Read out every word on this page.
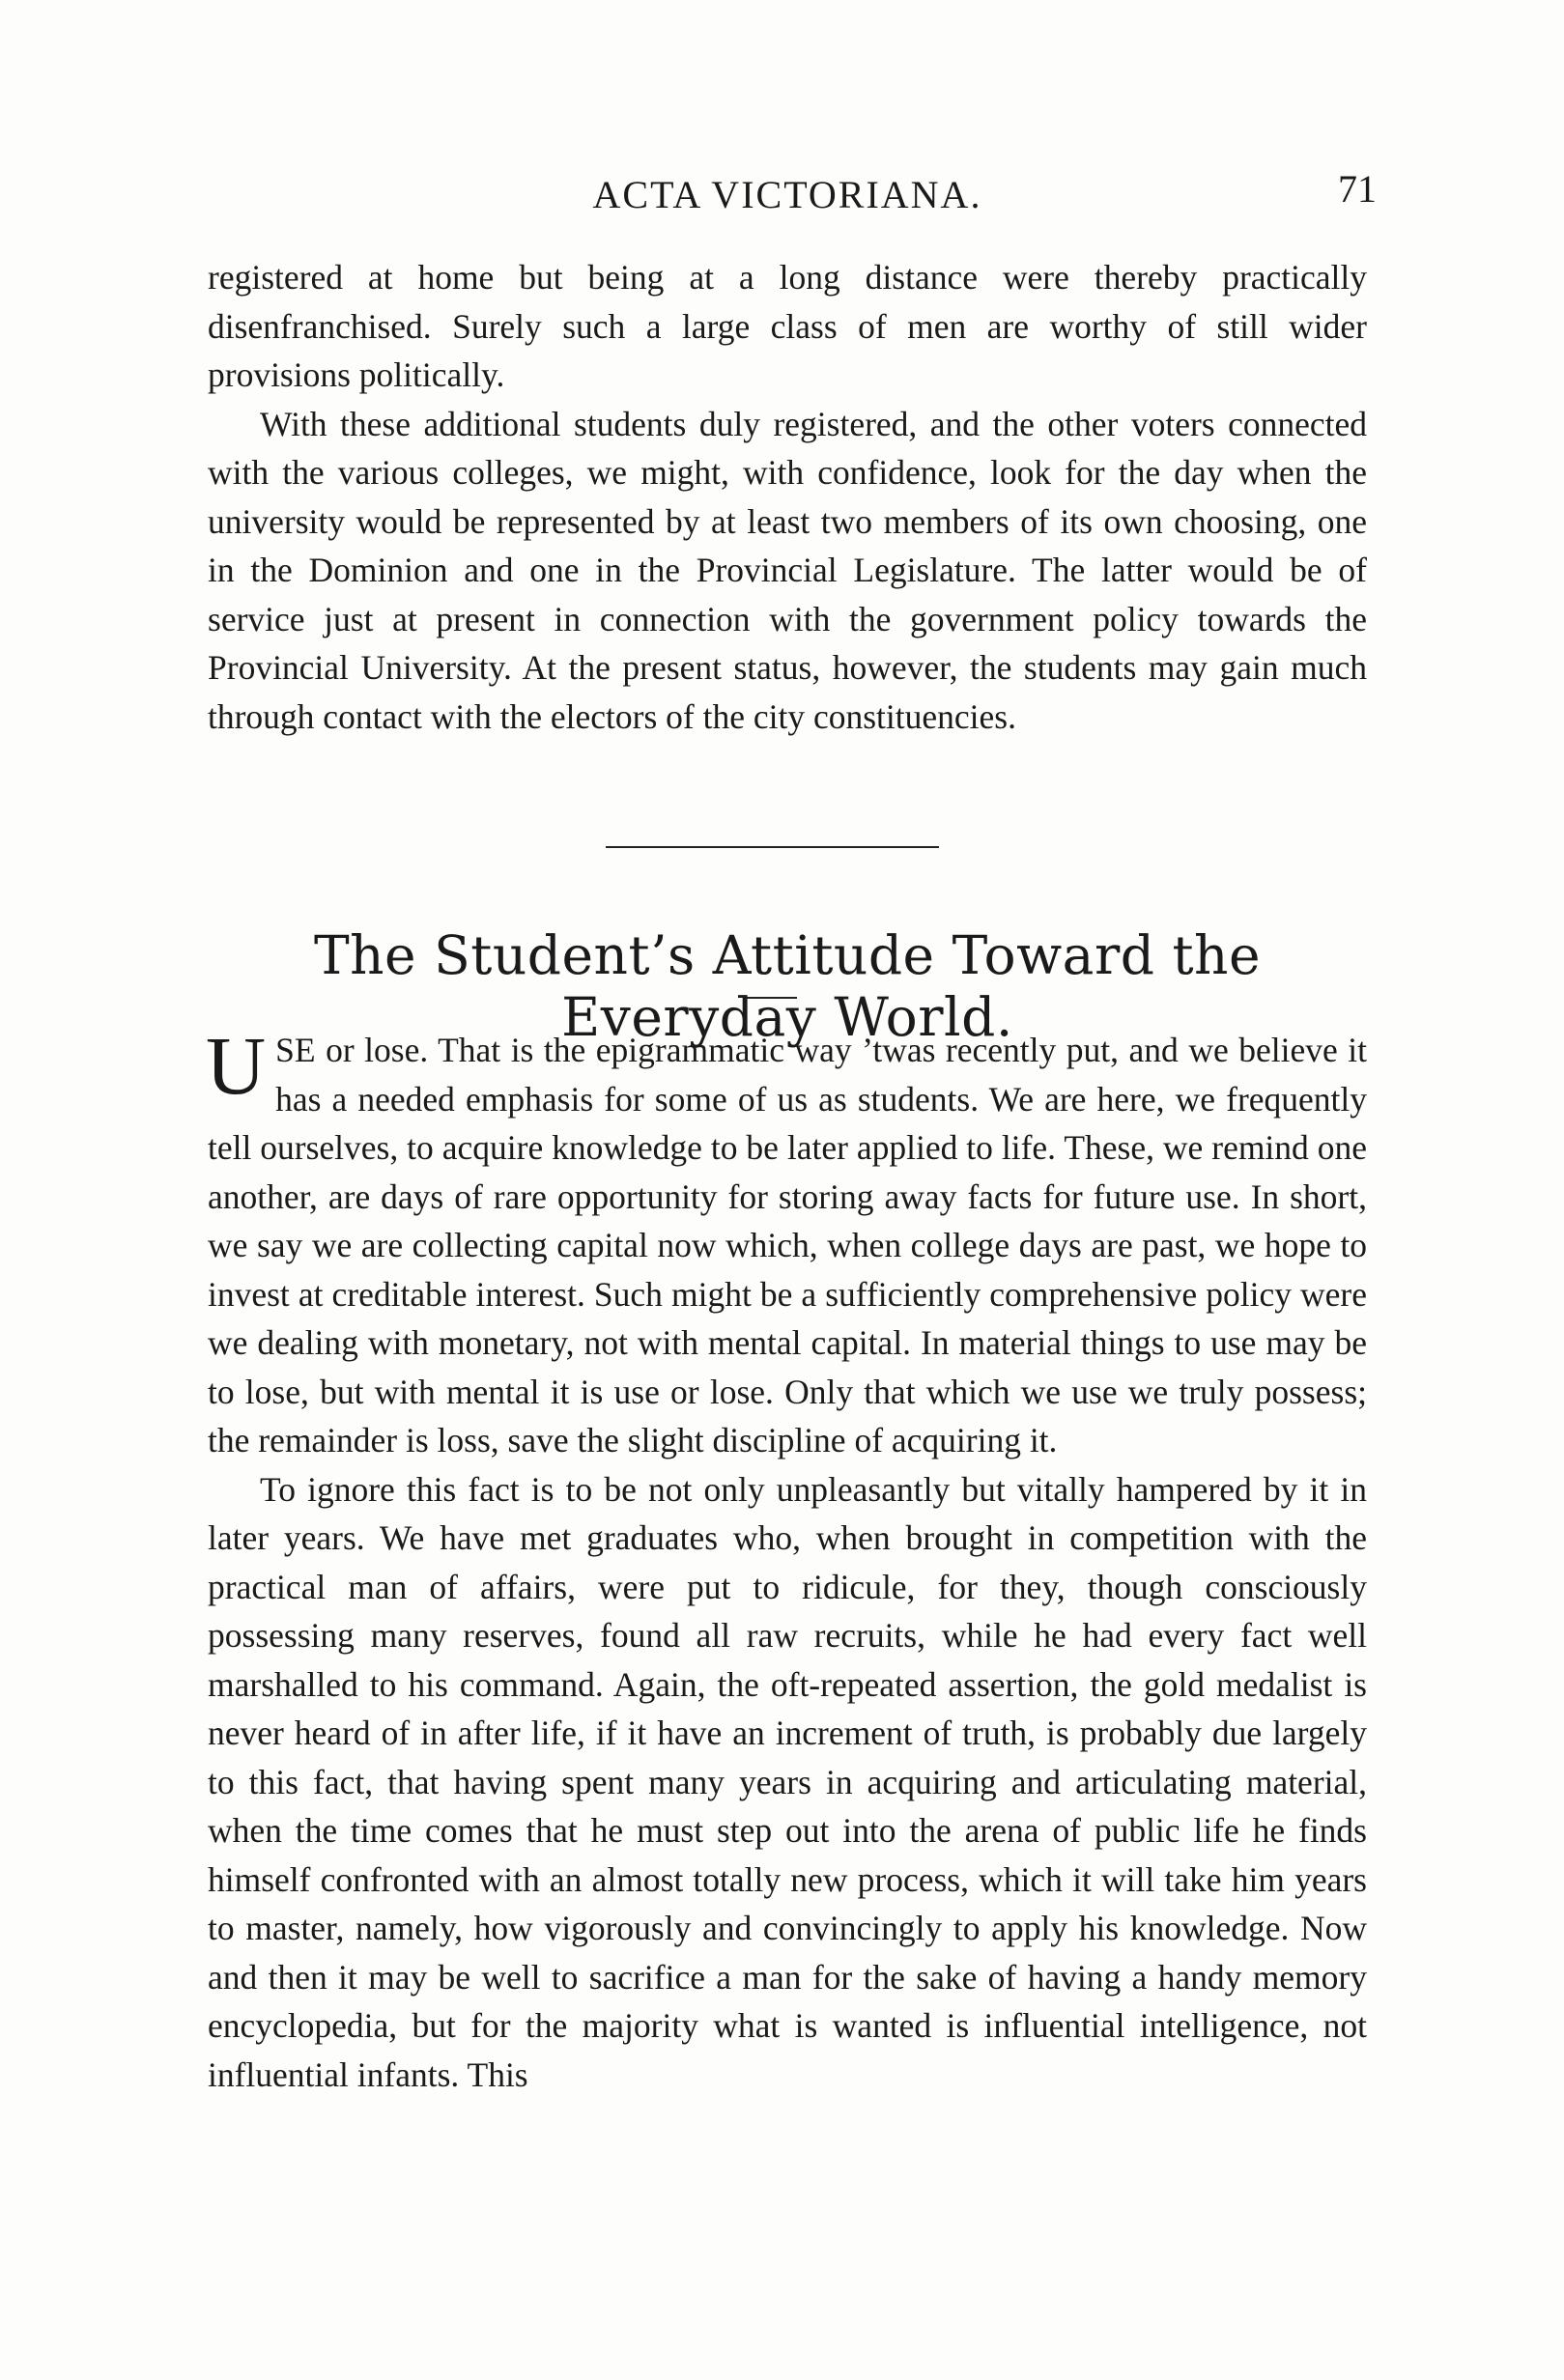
ACTA VICTORIANA.	71

registered at home but being at a long distance were thereby practically disenfranchised. Surely such a large class of men are worthy of still wider provisions politically.

With these additional students duly registered, and the other voters connected with the various colleges, we might, with confidence, look for the day when the university would be represented by at least two members of its own choosing, one in the Dominion and one in the Provincial Legislature. The latter would be of service just at present in connection with the government policy towards the Provincial University. At the present status, however, the students may gain much through contact with the electors of the city constituencies.

The Student’s Attitude Toward the Everyday World.

USE or lose. That is the epigrammatic way ’twas recently put, and we believe it has a needed emphasis for some of us as students. We are here, we frequently tell ourselves, to acquire knowledge to be later applied to life. These, we remind one another, are days of rare opportunity for storing away facts for future use. In short, we say we are collecting capital now which, when college days are past, we hope to invest at creditable interest. Such might be a sufficiently comprehensive policy were we dealing with monetary, not with mental capital. In material things to use may be to lose, but with mental it is use or lose. Only that which we use we truly possess; the remainder is loss, save the slight discipline of acquiring it.

To ignore this fact is to be not only unpleasantly but vitally hampered by it in later years. We have met graduates who, when brought in competition with the practical man of affairs, were put to ridicule, for they, though consciously possessing many reserves, found all raw recruits, while he had every fact well marshalled to his command. Again, the oft-repeated assertion, the gold medalist is never heard of in after life, if it have an increment of truth, is probably due largely to this fact, that having spent many years in acquiring and articulating material, when the time comes that he must step out into the arena of public life he finds himself confronted with an almost totally new process, which it will take him years to master, namely, how vigorously and convincingly to apply his knowledge. Now and then it may be well to sacrifice a man for the sake of having a handy memory encyclopedia, but for the majority what is wanted is influential intelligence, not influential infants. This
